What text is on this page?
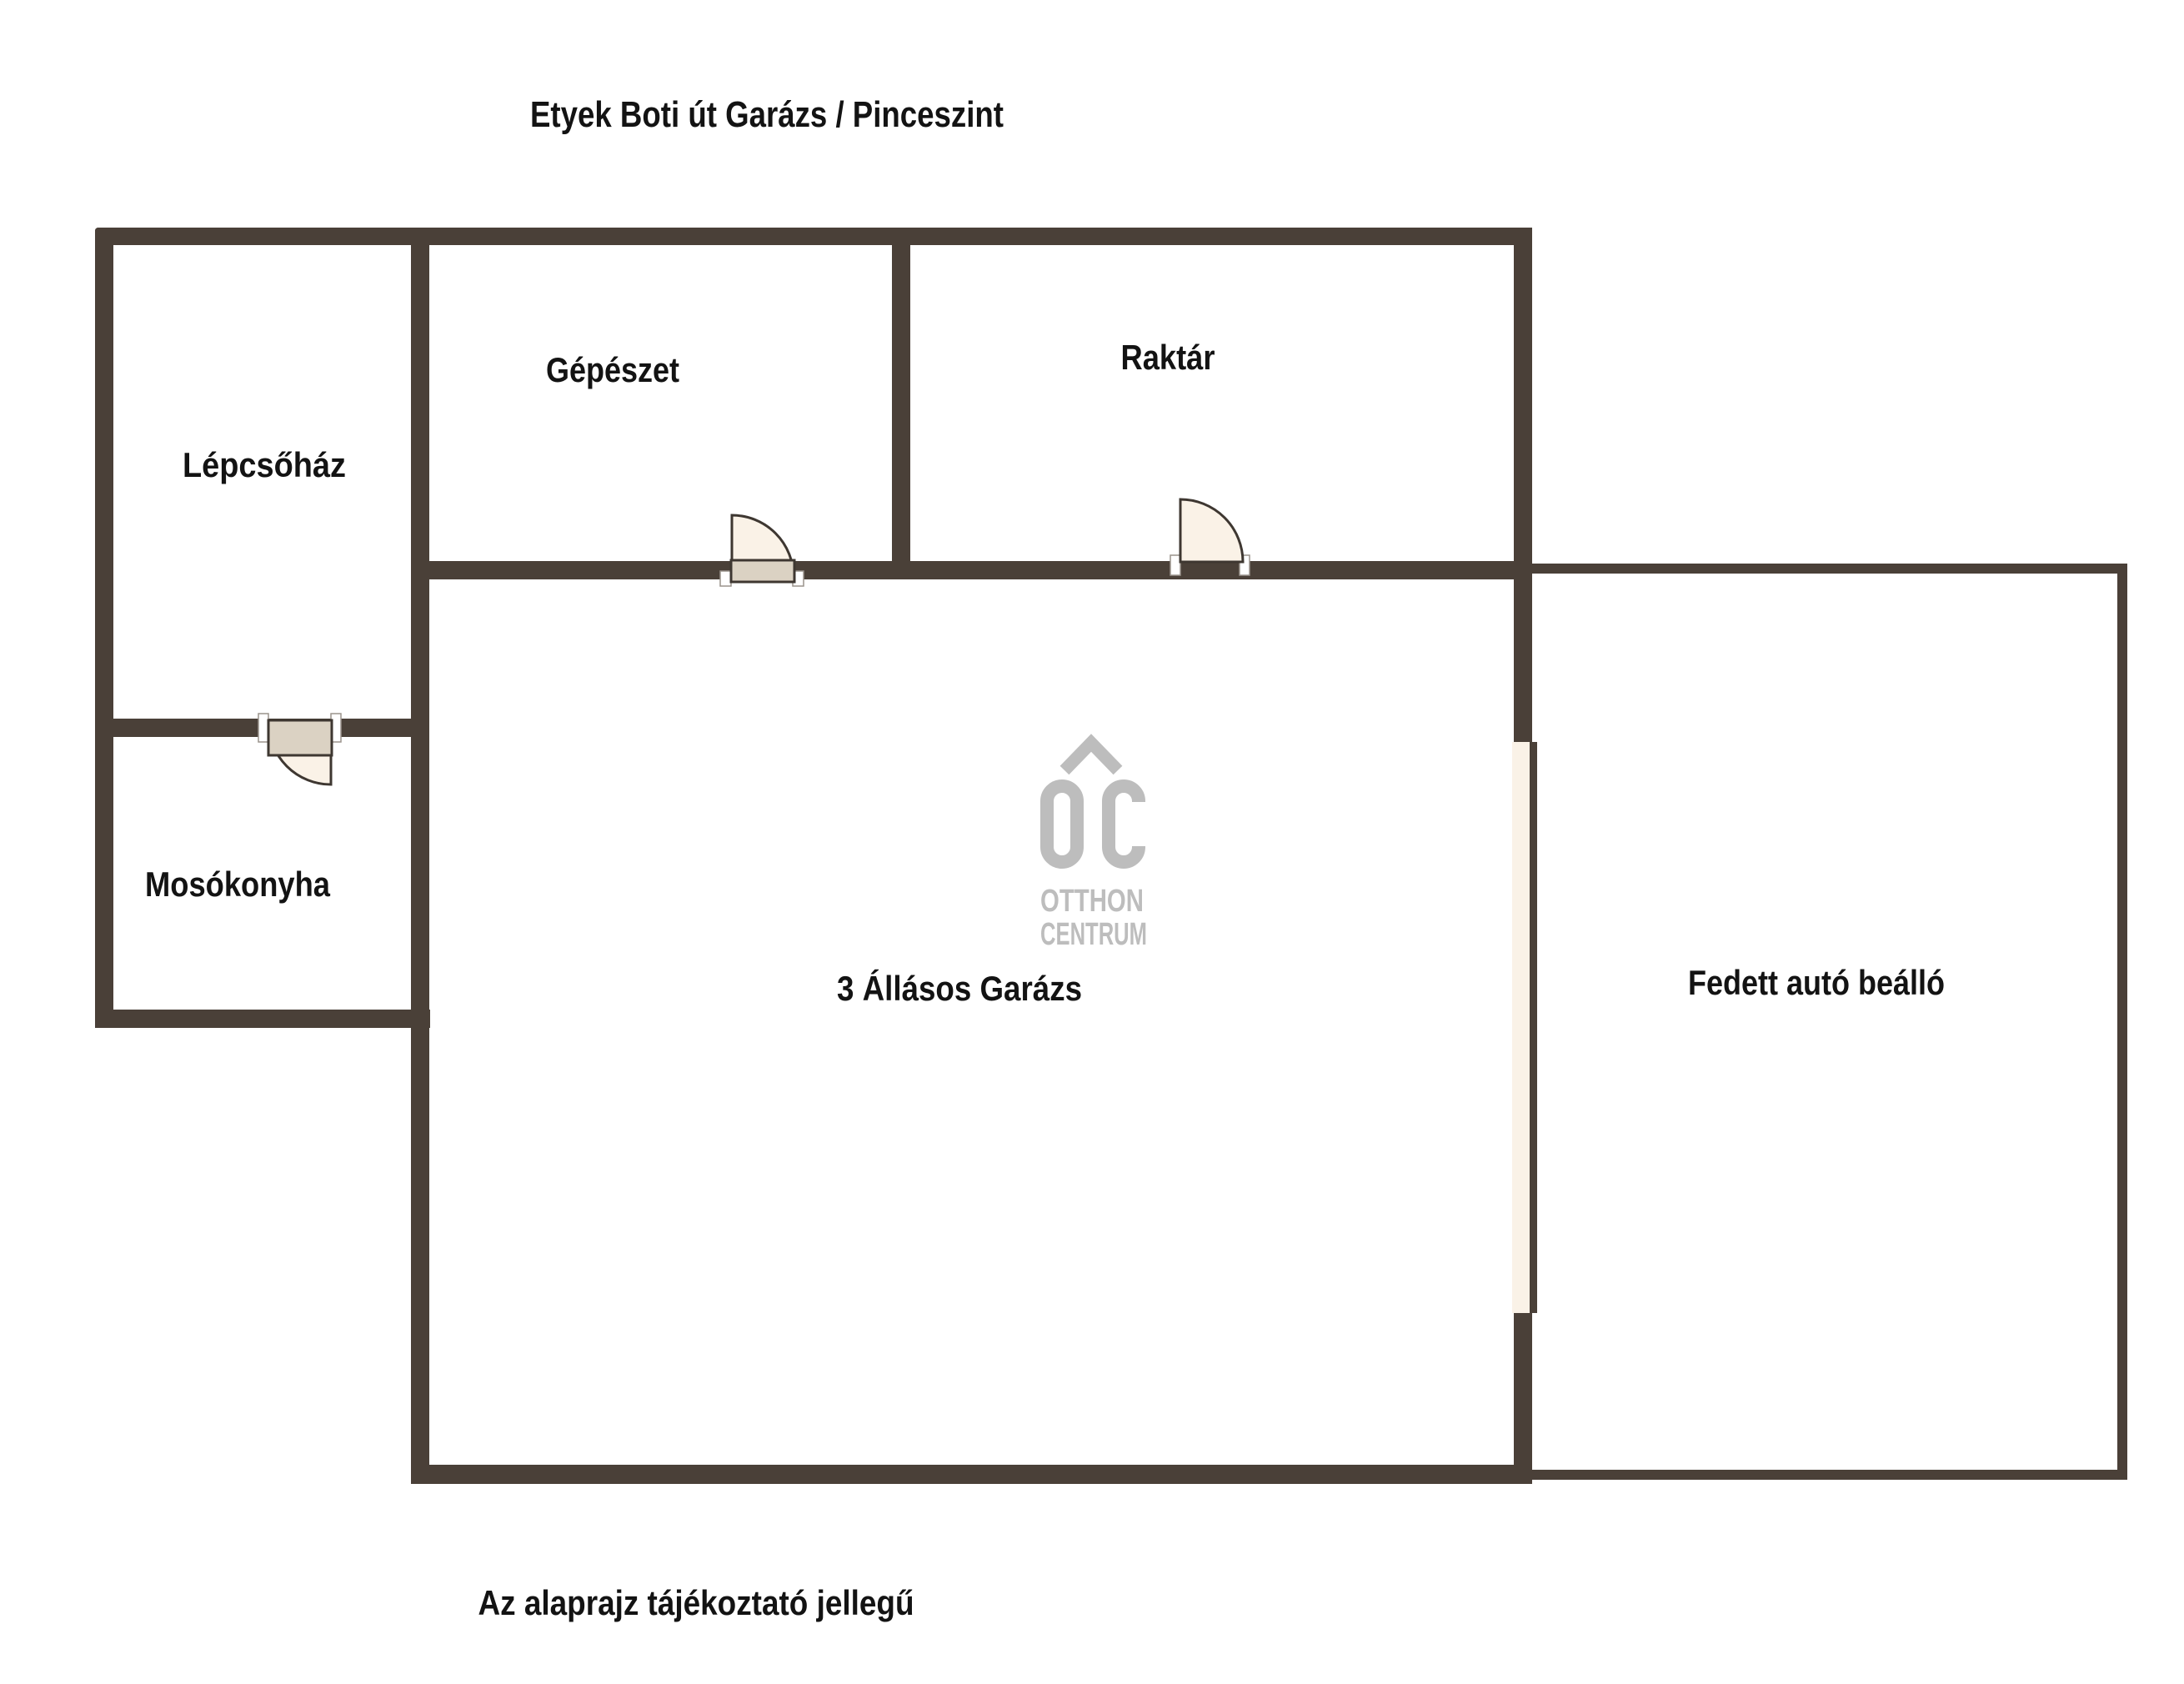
OTTHON
CENTRUM
Etyek Boti út Garázs / Pinceszint
Lépcsőház
Gépészet	Raktár
Mosókonyha
3 Állásos Garázs	Fedett autó beálló
Az alaprajz tájékoztató jellegű
